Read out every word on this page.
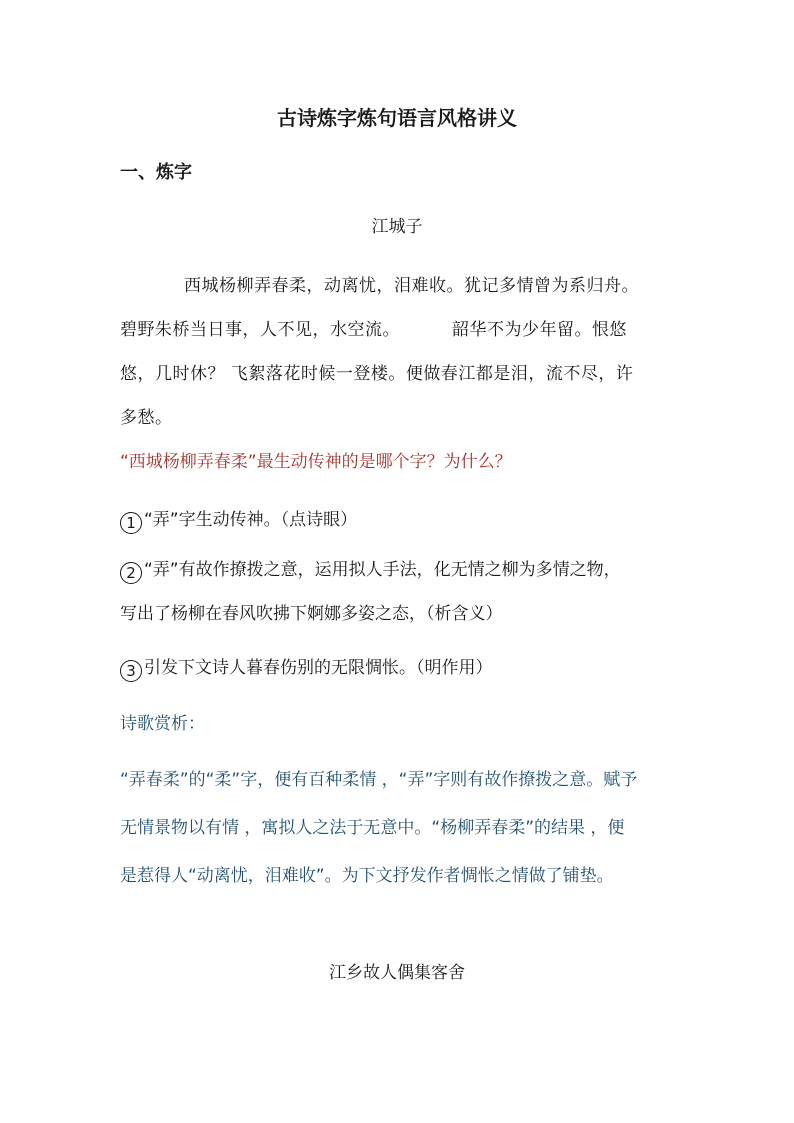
古诗炼字炼句语言风格讲义
一、炼字
江城子
西城杨柳弄春柔，动离忧，泪难收。犹记多情曾为系归舟。
碧野朱桥当日事，人不见，水空流。	韶华不为少年留。恨悠
悠，几时休？ 飞絮落花时候一登楼。便做春江都是泪，流不尽，许
多愁。

“西城杨柳弄春柔”最生动传神的是哪个字？为什么？

1 “弄”字生动传神。（点诗眼）
2 “弄”有故作撩拨之意，运用拟人手法，化无情之柳为多情之物，
写出了杨柳在春风吹拂下婀娜多姿之态，（析含义）
3 引发下文诗人暮春伤别的无限惆怅。（明作用）

诗歌赏析：

“弄春柔”的“柔”字，便有百种柔情 ，“弄”字则有故作撩拨之意。赋予
无情景物以有情 ，寓拟人之法于无意中。“杨柳弄春柔”的结果 ，便
是惹得人“动离忧，泪难收”。为下文抒发作者惆怅之情做了铺垫。
江乡故人偶集客舍
